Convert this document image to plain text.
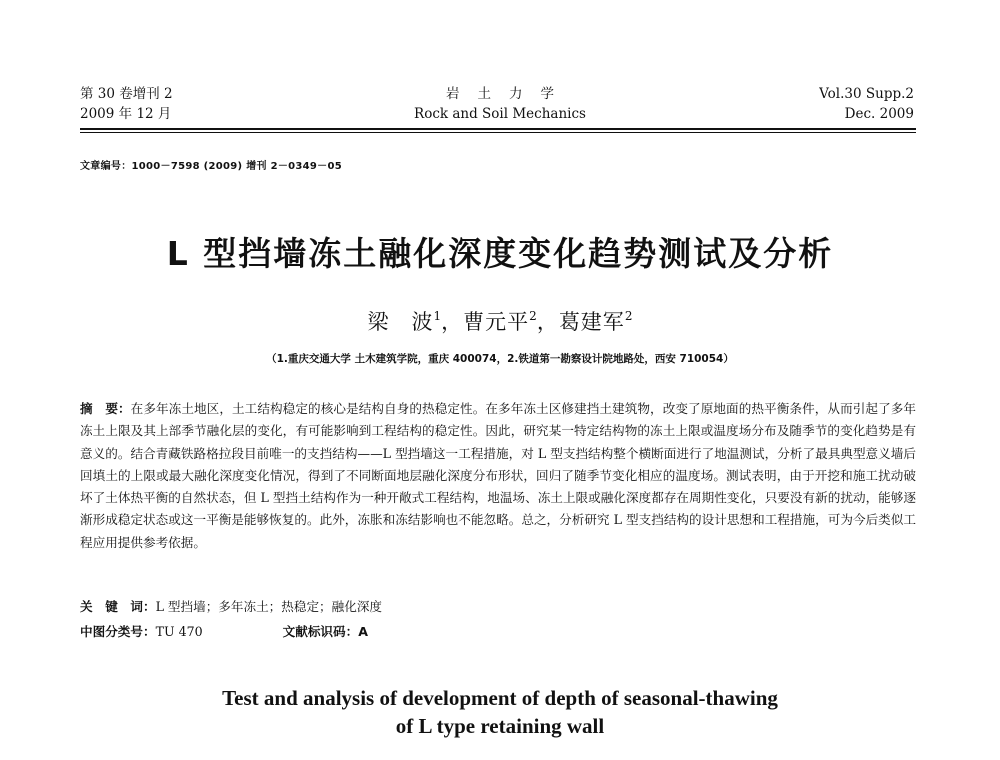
第 30 卷增刊 2
2009 年 12 月
岩土力学
Rock and Soil Mechanics
Vol.30 Supp.2
Dec. 2009
文章编号：1000－7598 (2009) 增刊 2－0349－05
L 型挡墙冻土融化深度变化趋势测试及分析
梁　波$^1$，曹元平$^2$，葛建军$^2$
（1.重庆交通大学 土木建筑学院，重庆 400074，2.铁道第一勘察设计院地路处，西安 710054）
摘　要：在多年冻土地区，土工结构稳定的核心是结构自身的热稳定性。在多年冻土区修建挡土建筑物，改变了原地面的热平衡条件，从而引起了多年冻土上限及其上部季节融化层的变化，有可能影响到工程结构的稳定性。因此，研究某一特定结构物的冻土上限或温度场分布及随季节的变化趋势是有意义的。结合青藏铁路格拉段目前唯一的支挡结构——L 型挡墙这一工程措施，对 L 型支挡结构整个横断面进行了地温测试，分析了最具典型意义墙后回填土的上限或最大融化深度变化情况，得到了不同断面地层融化深度分布形状，回归了随季节变化相应的温度场。测试表明，由于开挖和施工扰动破坏了土体热平衡的自然状态，但 L 型挡土结构作为一种开敞式工程结构，地温场、冻土上限或融化深度都存在周期性变化，只要没有新的扰动，能够逐渐形成稳定状态或这一平衡是能够恢复的。此外，冻胀和冻结影响也不能忽略。总之，分析研究 L 型支挡结构的设计思想和工程措施，可为今后类似工程应用提供参考依据。
关　键　词：L 型挡墙；多年冻土；热稳定；融化深度
中图分类号：TU 470	文献标识码：A
Test and analysis of development of depth of seasonal-thawing
of L type retaining wall
